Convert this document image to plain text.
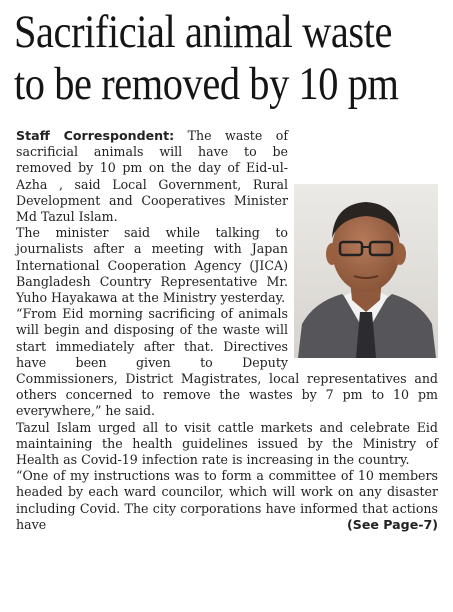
Sacrificial animal waste
to be removed by 10 pm

Staff Correspondent: The waste of sacrificial animals will have to be removed by 10 pm on the day of Eid-ul-Azha , said Local Government, Rural Development and Cooperatives Minister Md Tazul Islam.

The minister said while talking to journalists after a meeting with Japan International Cooperation Agency (JICA) Bangladesh Country Representative Mr. Yuho Hayakawa at the Ministry yesterday.

“From Eid morning sacrificing of animals will begin and disposing of the waste will start immediately after that. Directives have been given to Deputy Commissioners, District Magistrates, local representatives and others concerned to remove the wastes by 7 pm to 10 pm everywhere,” he said.

Tazul Islam urged all to visit cattle markets and celebrate Eid maintaining the health guidelines issued by the Ministry of Health as Covid-19 infection rate is increasing in the country.

“One of my instructions was to form a committee of 10 members headed by each ward councilor, which will work on any disaster including Covid. The city corporations have informed that actions have	(See Page-7)
